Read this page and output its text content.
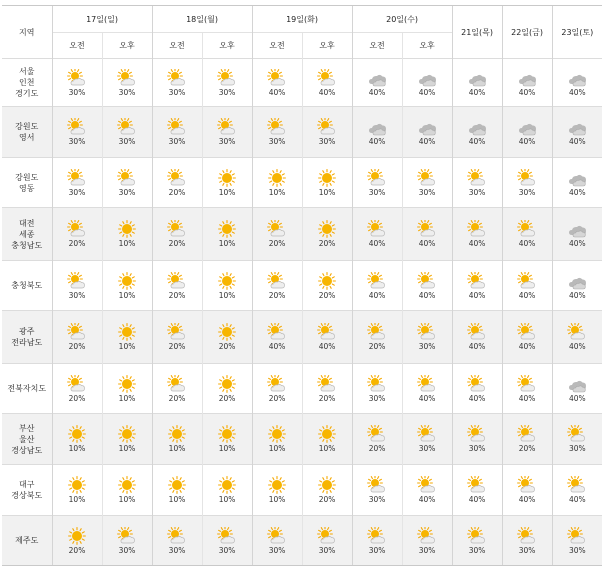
지역	17일(일)		18일(월)		19일(화)		20일(수)		21일(목)	22일(금)	23일(토)
	오전	오후	오전	오후	오전	오후	오전	오후			

서울
인천
경기도	30%	30%	30%	30%	40%	40%	40%	40%	40%	40%	40%

강원도
영서	30%	30%	30%	30%	30%	30%	40%	40%	40%	40%	40%

강원도
영동	30%	30%	20%	10%	10%	10%	30%	30%	30%	30%	40%

대전
세종
충청남도	20%	10%	20%	10%	20%	20%	40%	40%	40%	40%	40%

충청북도	30%	10%	20%	10%	20%	20%	40%	40%	40%	40%	40%

광주
전라남도	20%	10%	20%	20%	40%	40%	20%	30%	40%	40%	40%

전북자치도	20%	10%	20%	20%	20%	20%	30%	40%	40%	40%	40%

부산
울산
경상남도	10%	10%	10%	10%	10%	10%	20%	30%	30%	20%	30%

대구
경상북도	10%	10%	10%	10%	10%	20%	30%	40%	40%	40%	40%

제주도	20%	30%	30%	30%	30%	30%	30%	30%	30%	30%	30%
